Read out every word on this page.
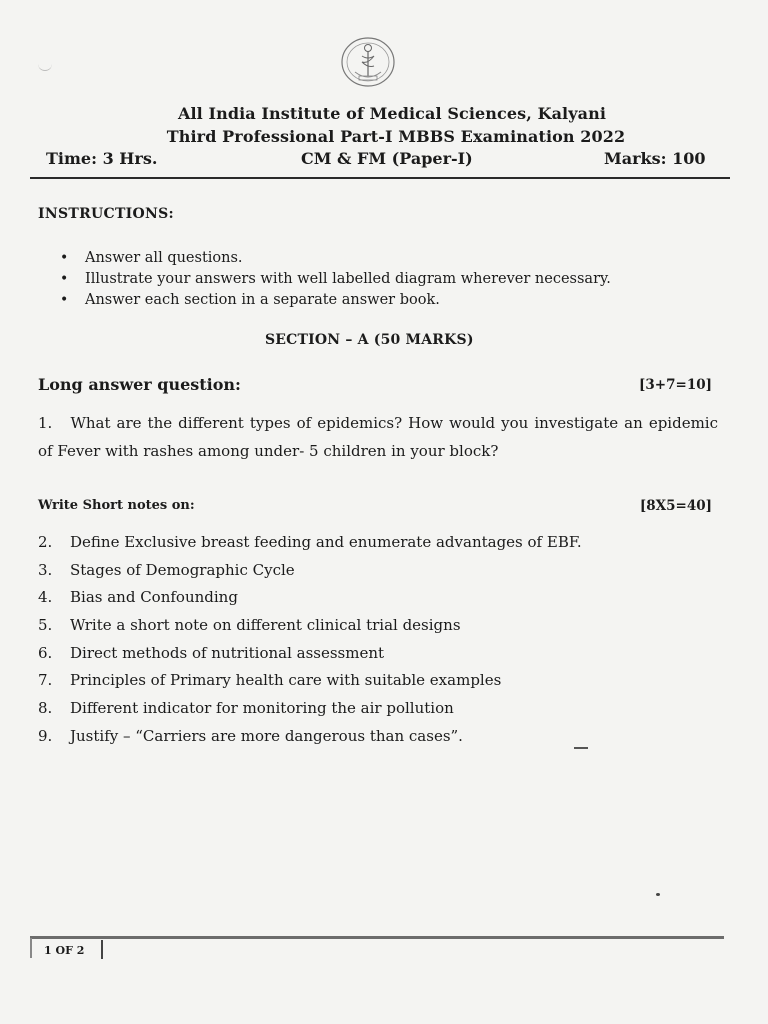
All India Institute of Medical Sciences, Kalyani
Third Professional Part-I MBBS Examination 2022
Time: 3 Hrs.	CM & FM (Paper-I)	Marks: 100
INSTRUCTIONS:
• Answer all questions.
• Illustrate your answers with well labelled diagram wherever necessary.
• Answer each section in a separate answer book.
SECTION – A (50 MARKS)
Long answer question:	[3+7=10]
1. What are the different types of epidemics? How would you investigate an epidemic of Fever with rashes among under- 5 children in your block?
Write Short notes on:	[8X5=40]
2. Define Exclusive breast feeding and enumerate advantages of EBF.
3. Stages of Demographic Cycle
4. Bias and Confounding
5. Write a short note on different clinical trial designs
6. Direct methods of nutritional assessment
7. Principles of Primary health care with suitable examples
8. Different indicator for monitoring the air pollution
9. Justify – “Carriers are more dangerous than cases”.
1 OF 2
